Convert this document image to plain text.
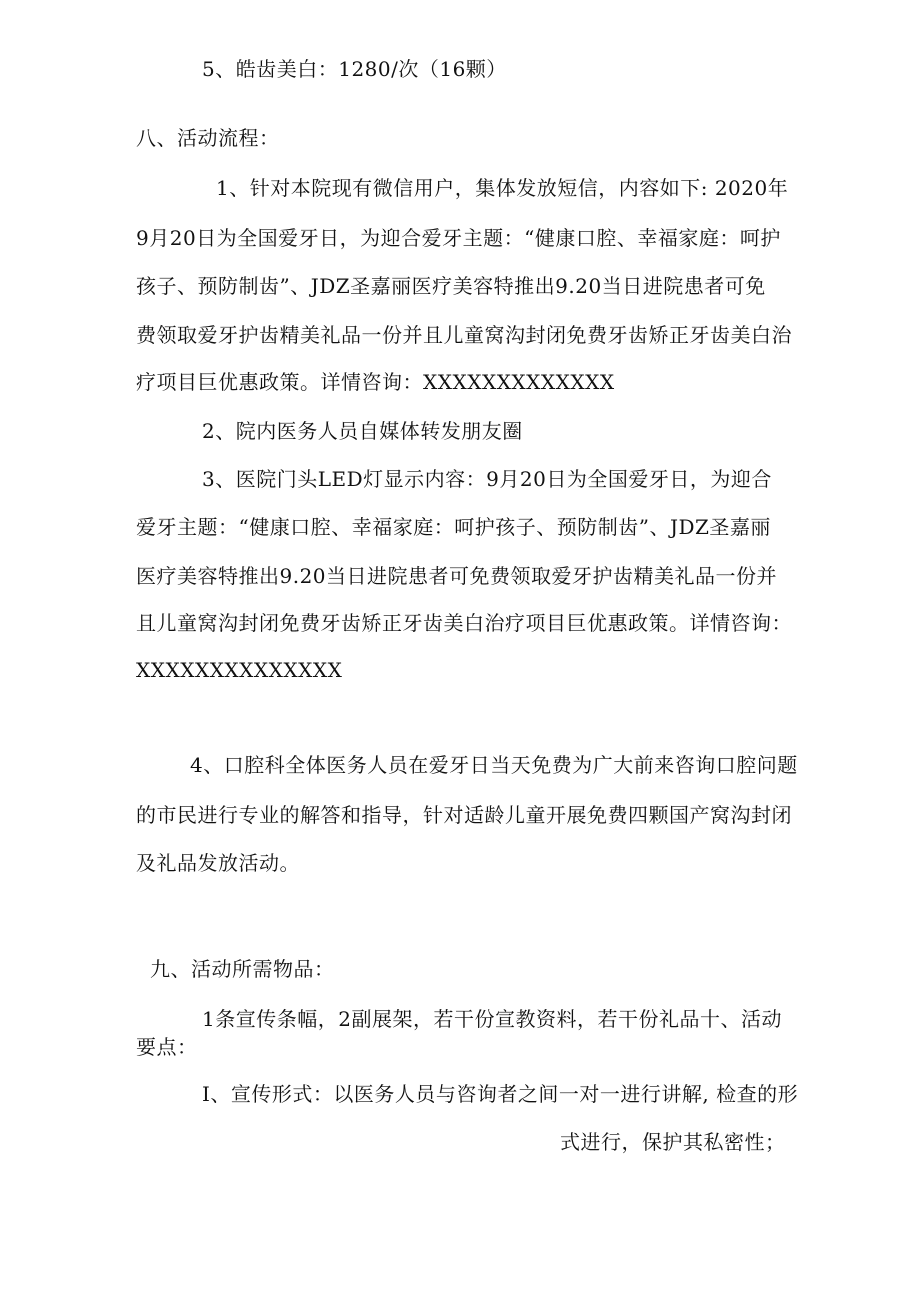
5、皓齿美白：1280/次（16颗）
八、活动流程：
1、针对本院现有微信用户，集体发放短信，内容如下: 2020年
9月20日为全国爱牙日，为迎合爱牙主题：“健康口腔、幸福家庭：呵护
孩子、预防制齿”、JDZ圣嘉丽医疗美容特推出9.20当日进院患者可免
费领取爱牙护齿精美礼品一份并且儿童窝沟封闭免费牙齿矫正牙齿美白治
疗项目巨优惠政策。详情咨询：XXXXXXXXXXXXX
2、院内医务人员自媒体转发朋友圈
3、医院门头LED灯显示内容：9月20日为全国爱牙日，为迎合
爱牙主题：“健康口腔、幸福家庭：呵护孩子、预防制齿”、JDZ圣嘉丽
医疗美容特推出9.20当日进院患者可免费领取爱牙护齿精美礼品一份并
且儿童窝沟封闭免费牙齿矫正牙齿美白治疗项目巨优惠政策。详情咨询：
XXXXXXXXXXXXXX
4、口腔科全体医务人员在爱牙日当天免费为广大前来咨询口腔问题
的市民进行专业的解答和指导，针对适龄儿童开展免费四颗国产窝沟封闭
及礼品发放活动。
九、活动所需物品：
1条宣传条幅，2副展架，若干份宣教资料，若干份礼品十、活动
要点：
I、宣传形式：以医务人员与咨询者之间一对一进行讲解, 检查的形
式进行，保护其私密性；
